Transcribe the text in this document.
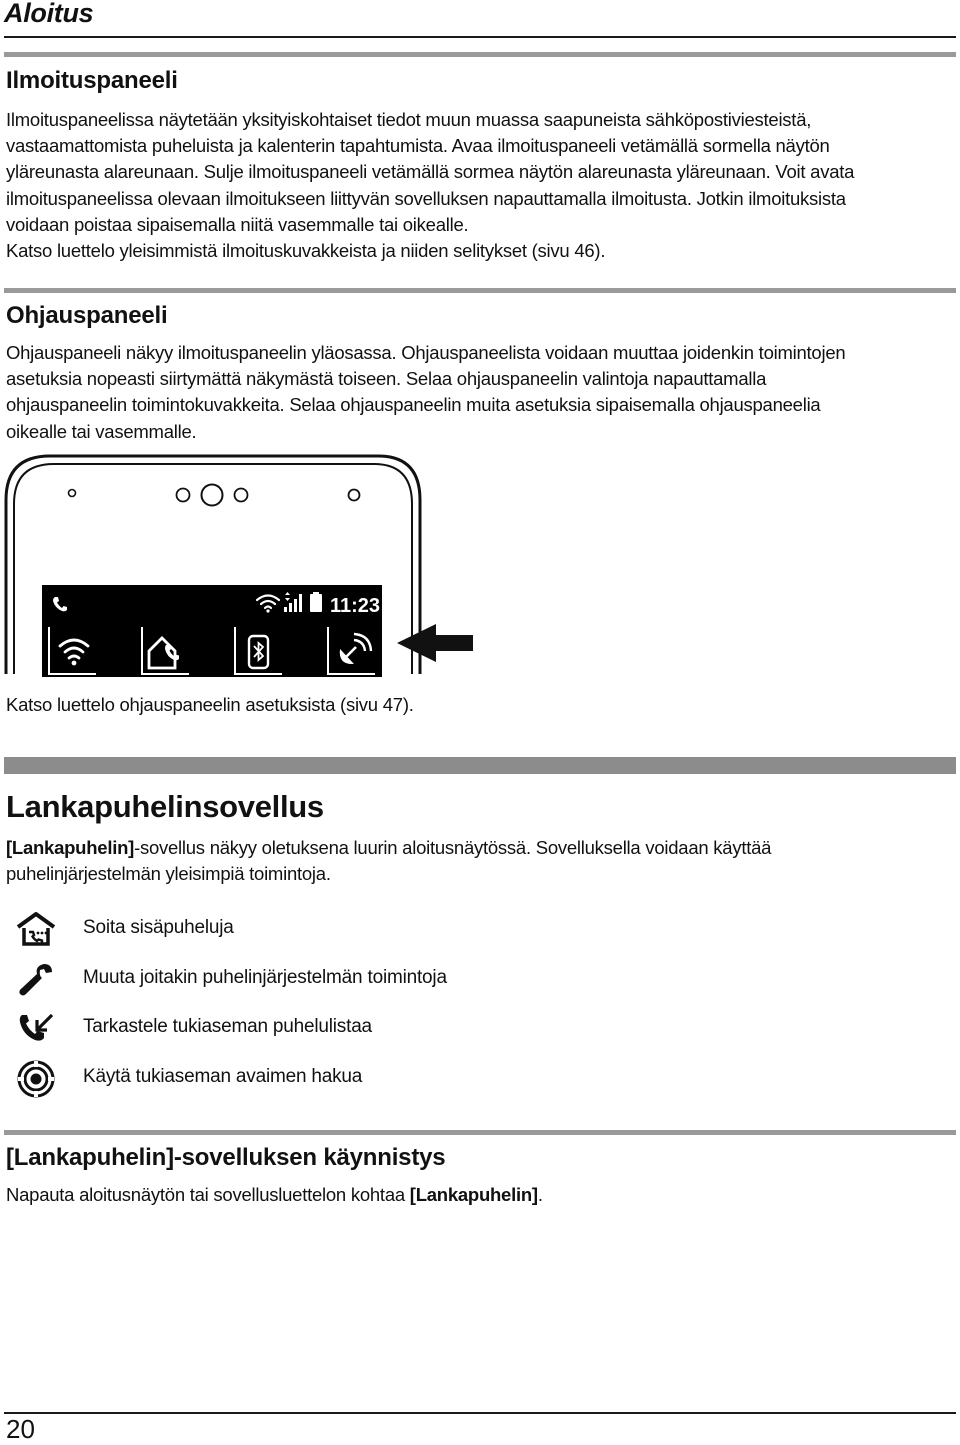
Aloitus
Ilmoituspaneeli

Ilmoituspaneelissa näytetään yksityiskohtaiset tiedot muun muassa saapuneista sähköpostiviesteistä,

vastaamattomista puheluista ja kalenterin tapahtumista. Avaa ilmoituspaneeli vetämällä sormella näytön

yläreunasta alareunaan. Sulje ilmoituspaneeli vetämällä sormea näytön alareunasta yläreunaan. Voit avata

ilmoituspaneelissa olevaan ilmoitukseen liittyvän sovelluksen napauttamalla ilmoitusta. Jotkin ilmoituksista

voidaan poistaa sipaisemalla niitä vasemmalle tai oikealle.

Katso luettelo yleisimmistä ilmoituskuvakkeista ja niiden selitykset (sivu 46).

Ohjauspaneeli

Ohjauspaneeli näkyy ilmoituspaneelin yläosassa. Ohjauspaneelista voidaan muuttaa joidenkin toimintojen

asetuksia nopeasti siirtymättä näkymästä toiseen. Selaa ohjauspaneelin valintoja napauttamalla

ohjauspaneelin toimintokuvakkeita. Selaa ohjauspaneelin muita asetuksia sipaisemalla ohjauspaneelia

oikealle tai vasemmalle.

11:23

Katso luettelo ohjauspaneelin asetuksista (sivu 47).

Lankapuhelinsovellus

[Lankapuhelin]-sovellus näkyy oletuksena luurin aloitusnäytössä. Sovelluksella voidaan käyttää

puhelinjärjestelmän yleisimpiä toimintoja.

Soita sisäpuheluja
Muuta joitakin puhelinjärjestelmän toimintoja
Tarkastele tukiaseman puhelulistaa
Käytä tukiaseman avaimen hakua
[Lankapuhelin]-sovelluksen käynnistys

Napauta aloitusnäytön tai sovellusluettelon kohtaa [Lankapuhelin].

20
